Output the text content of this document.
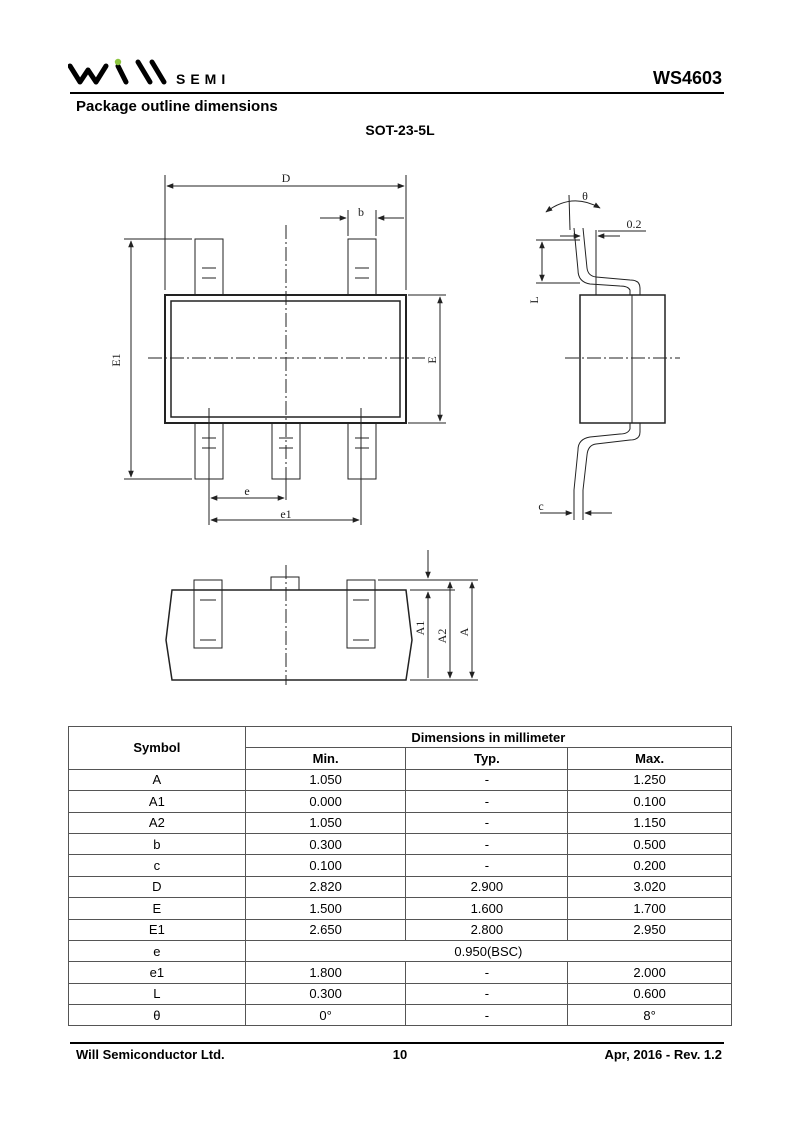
SEMI	WS4603
Package outline dimensions
SOT-23-5L
D
b
E1	E
e
e1
θ
0.2
L
c
A1
A2 A
Symbol	Dimensions in millimeter		
	Min.	Typ.	Max.
A	1.050	-	1.250
A1	0.000	-	0.100
A2	1.050	-	1.150
b	0.300	-	0.500
c	0.100	-	0.200
D	2.820	2.900	3.020
E	1.500	1.600	1.700
E1	2.650	2.800	2.950
e	0.950(BSC)		
e1	1.800	-	2.000
L	0.300	-	0.600
θ	0°	-	8°
Will Semiconductor Ltd.	10	Apr, 2016 - Rev. 1.2
